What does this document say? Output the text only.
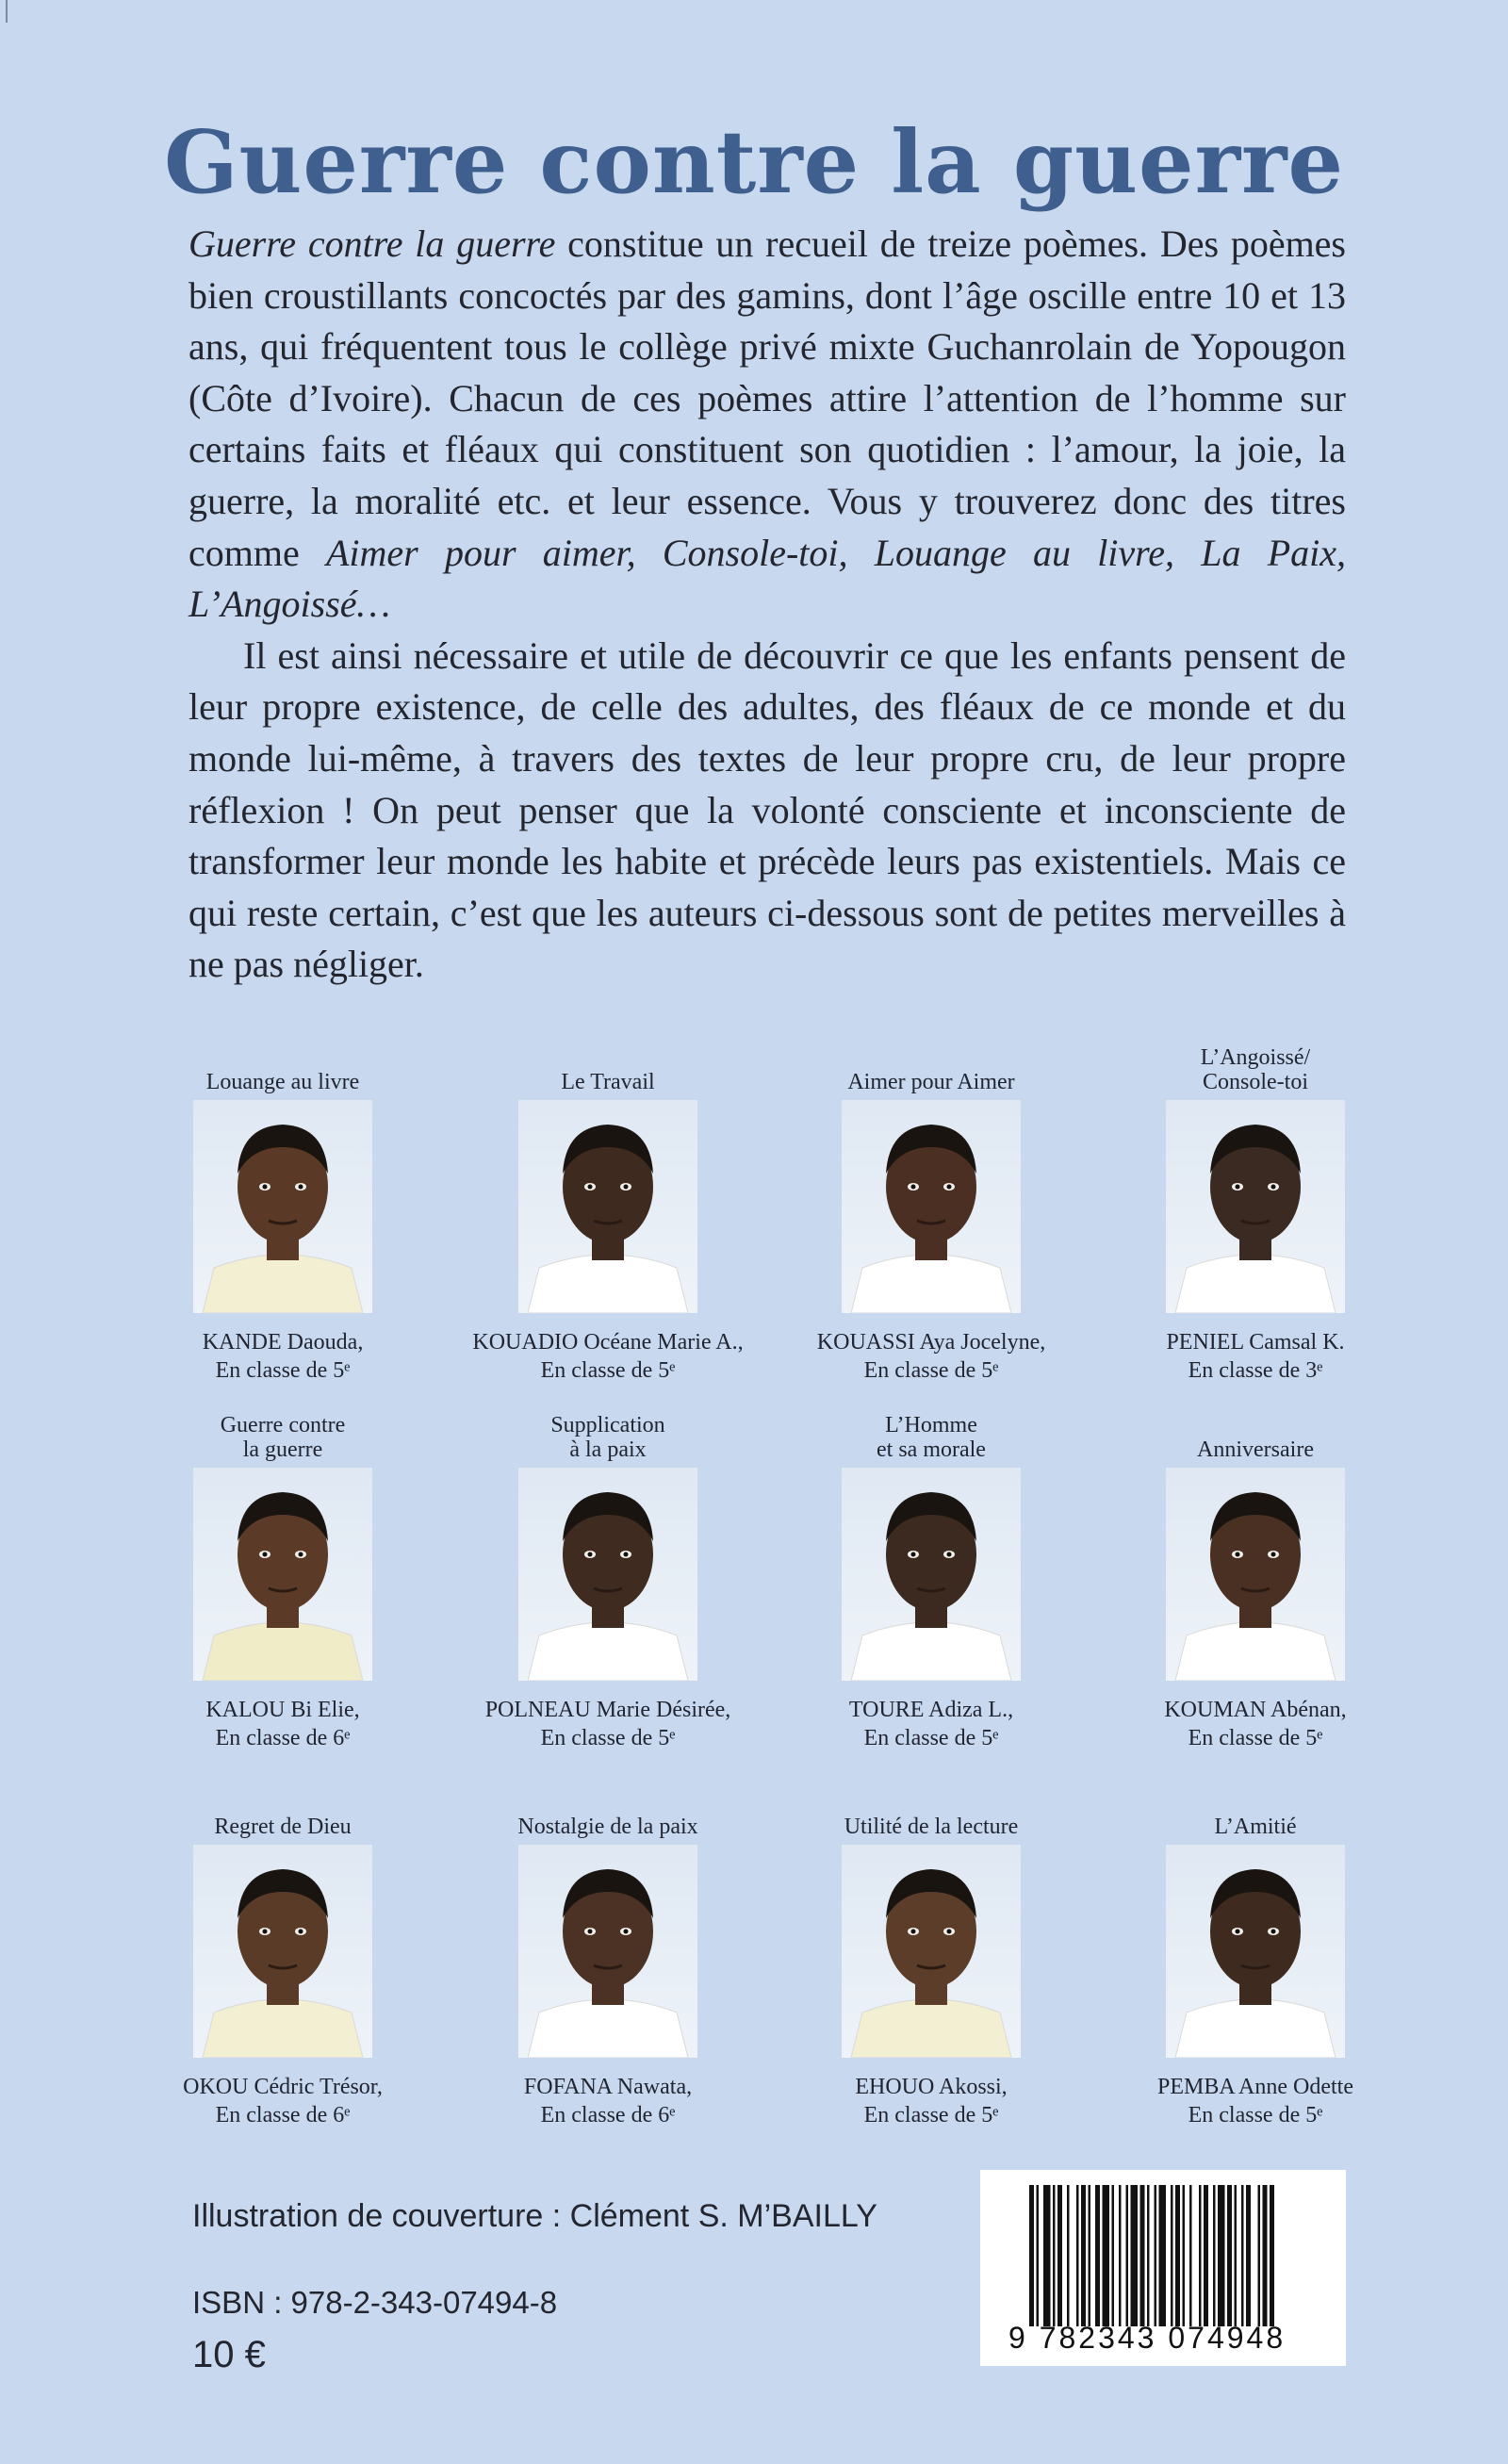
Guerre contre la guerre

Guerre contre la guerre constitue un recueil de treize poèmes. Des poèmes bien croustillants concoctés par des gamins, dont l’âge oscille entre 10 et 13 ans, qui fréquentent tous le collège privé mixte Guchanrolain de Yopougon (Côte d’Ivoire). Chacun de ces poèmes attire l’attention de l’homme sur certains faits et fléaux qui constituent son quotidien : l’amour, la joie, la guerre, la moralité etc. et leur essence. Vous y trouverez donc des titres comme Aimer pour aimer, Console-toi, Louange au livre, La Paix, L’Angoissé…

Il est ainsi nécessaire et utile de découvrir ce que les enfants pensent de leur propre existence, de celle des adultes, des fléaux de ce monde et du monde lui-même, à travers des textes de leur propre cru, de leur propre réflexion ! On peut penser que la volonté consciente et inconsciente de transformer leur monde les habite et précède leurs pas existentiels. Mais ce qui reste certain, c’est que les auteurs ci-dessous sont de petites merveilles à ne pas négliger.

Louange au livre
KANDE Daouda,
En classe de 5ᵉ
Le Travail
KOUADIO Océane Marie A.,
En classe de 5ᵉ
Aimer pour Aimer
KOUASSI Aya Jocelyne,
En classe de 5ᵉ
L’Angoissé/
Console-toi
PENIEL Camsal K.
En classe de 3ᵉ
Guerre contre
la guerre
KALOU Bi Elie,
En classe de 6ᵉ
Supplication
à la paix
POLNEAU Marie Désirée,
En classe de 5ᵉ
L’Homme
et sa morale
TOURE Adiza L.,
En classe de 5ᵉ
Anniversaire
KOUMAN Abénan,
En classe de 5ᵉ
Regret de Dieu
OKOU Cédric Trésor,
En classe de 6ᵉ
Nostalgie de la paix
FOFANA Nawata,
En classe de 6ᵉ
Utilité de la lecture
EHOUO Akossi,
En classe de 5ᵉ
L’Amitié
PEMBA Anne Odette
En classe de 5ᵉ
Illustration de couverture : Clément S. M’BAILLY
ISBN : 978-2-343-07494-8
10 €	9 782343 074948
